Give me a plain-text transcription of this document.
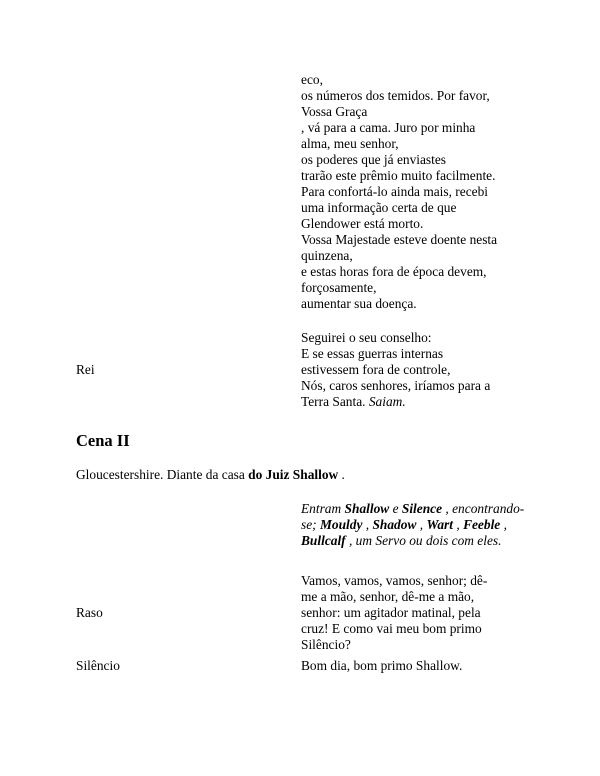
eco,
os números dos temidos. Por favor,
Vossa Graça
, vá para a cama. Juro por minha
alma, meu senhor,
os poderes que já enviastes
trarão este prêmio muito facilmente.
Para confortá-lo ainda mais, recebi
uma informação certa de que
Glendower está morto.
Vossa Majestade esteve doente nesta
quinzena,
e estas horas fora de época devem,
forçosamente,
aumentar sua doença.
Rei
Seguirei o seu conselho:
E se essas guerras internas
estivessem fora de controle,
Nós, caros senhores, iríamos para a
Terra Santa. Saiam.
Cena II
Gloucestershire. Diante da casa do Juiz Shallow .
Entram Shallow e Silence , encontrando-se; Mouldy , Shadow , Wart , Feeble , Bullcalf , um Servo ou dois com eles.
Raso
Vamos, vamos, vamos, senhor; dê-
me a mão, senhor, dê-me a mão,
senhor: um agitador matinal, pela
cruz! E como vai meu bom primo
Silêncio?
Silêncio	Bom dia, bom primo Shallow.
